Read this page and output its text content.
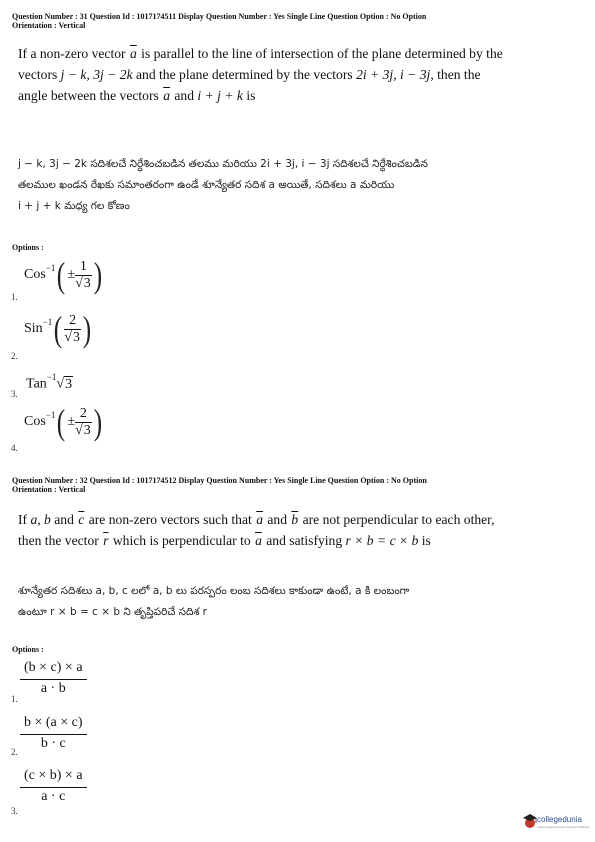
Question Number : 31 Question Id : 1017174511 Display Question Number : Yes Single Line Question Option : No Option
Orientation : Vertical
If a non-zero vector $\overline{a}$ is parallel to the line of intersection of the plane determined by the
vectors j − k, 3j − 2k and the plane determined by the vectors 2i + 3j, i − 3j, then the
angle between the vectors $\overline{a}$ and i + j + k is
j − k, 3j − 2k సదిశలచే నిర్ధేశించబడిన తలము మరియు 2i + 3j, i − 3j సదిశలచే నిర్ధేశించబడిన
తలముల ఖండన రేఖకు సమాంతరంగా ఉండే శూన్యేతర సదిశ a అయితే, సదిశలు a మరియు
i + j + k మధ్య గల కోణం
Options :
$Cos^{-1}( \pm \frac{1}{√3}$ )
1.
$Sin^{-1}( \frac{2}{√3}$ )
2.
Tan$^{-1}$√3
3.
$Cos^{-1}( \pm \frac{2}{√3}$ )
4.
Question Number : 32 Question Id : 1017174512 Display Question Number : Yes Single Line Question Option : No Option
Orientation : Vertical
If a, b and $\overline{c}$ are non-zero vectors such that $\overline{a}$ and $\overline{b}$ are not perpendicular to each other,
then the vector $\overline{r}$ which is perpendicular to $\overline{a}$ and satisfying r × b = c × b is
శూన్యేతర సదిశలు a, b, c లలో a, b లు పరస్పరం లంబ సదిశలు కాకుండా ఉంటే, a కి లంబంగా
ఉంటూ r × b = c × b ని తృప్తిపరిచే సదిశ r
Options :
$\frac{(b \times c) \times a}{a \cdot b}$
1.
$\frac{b \times (a \times c)}{b \cdot c}$
2.
$\frac{(c \times b) \times a}{a \cdot c}$
3.
collegedunia
India's largest Student Review Platform
